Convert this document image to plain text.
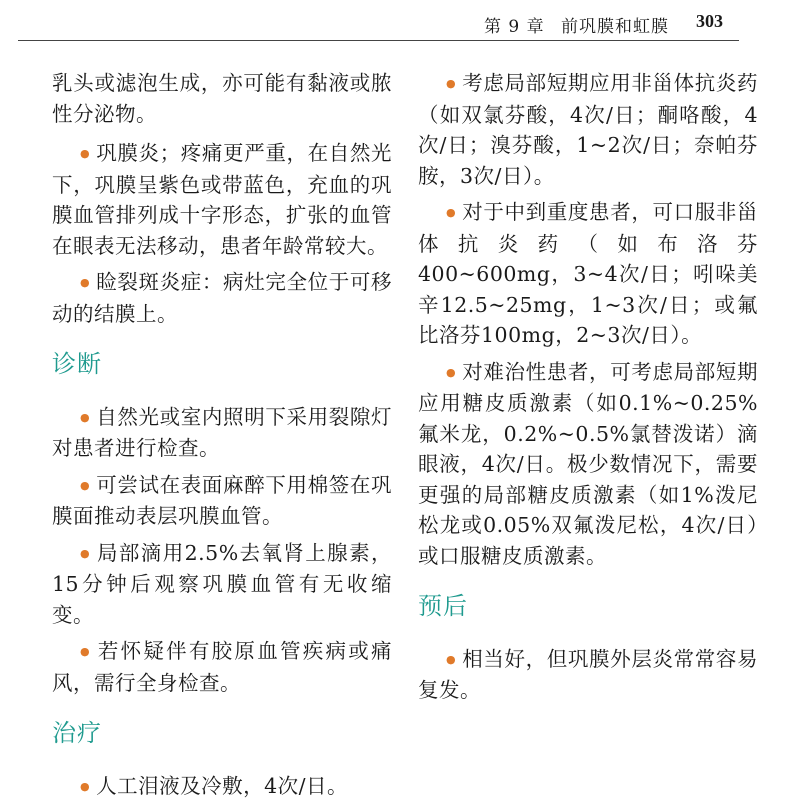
第 9 章 前巩膜和虹膜 303

乳头或滤泡生成，亦可能有黏液或脓性分泌物。

● 巩膜炎；疼痛更严重，在自然光下，巩膜呈紫色或带蓝色，充血的巩膜血管排列成十字形态，扩张的血管在眼表无法移动，患者年龄常较大。

● 睑裂斑炎症：病灶完全位于可移动的结膜上。

诊断

● 自然光或室内照明下采用裂隙灯对患者进行检查。

● 可尝试在表面麻醉下用棉签在巩膜面推动表层巩膜血管。

● 局部滴用2.5%去氧肾上腺素，15分钟后观察巩膜血管有无收缩变。

● 若怀疑伴有胶原血管疾病或痛风，需行全身检查。

治疗

● 人工泪液及冷敷，4次/日。

● 考虑局部短期应用非甾体抗炎药（如双氯芬酸，4次/日；酮咯酸，4次/日；溴芬酸，1~2次/日；奈帕芬胺，3次/日）。

● 对于中到重度患者，可口服非甾体抗炎药（如布洛芬400~600mg，3~4次/日；吲哚美辛12.5~25mg，1~3次/日；或氟比洛芬100mg，2~3次/日）。

● 对难治性患者，可考虑局部短期应用糖皮质激素（如0.1%~0.25%氟米龙，0.2%~0.5%氯替泼诺）滴眼液，4次/日。极少数情况下，需要更强的局部糖皮质激素（如1%泼尼松龙或0.05%双氟泼尼松，4次/日）或口服糖皮质激素。

预后

● 相当好，但巩膜外层炎常常容易复发。
